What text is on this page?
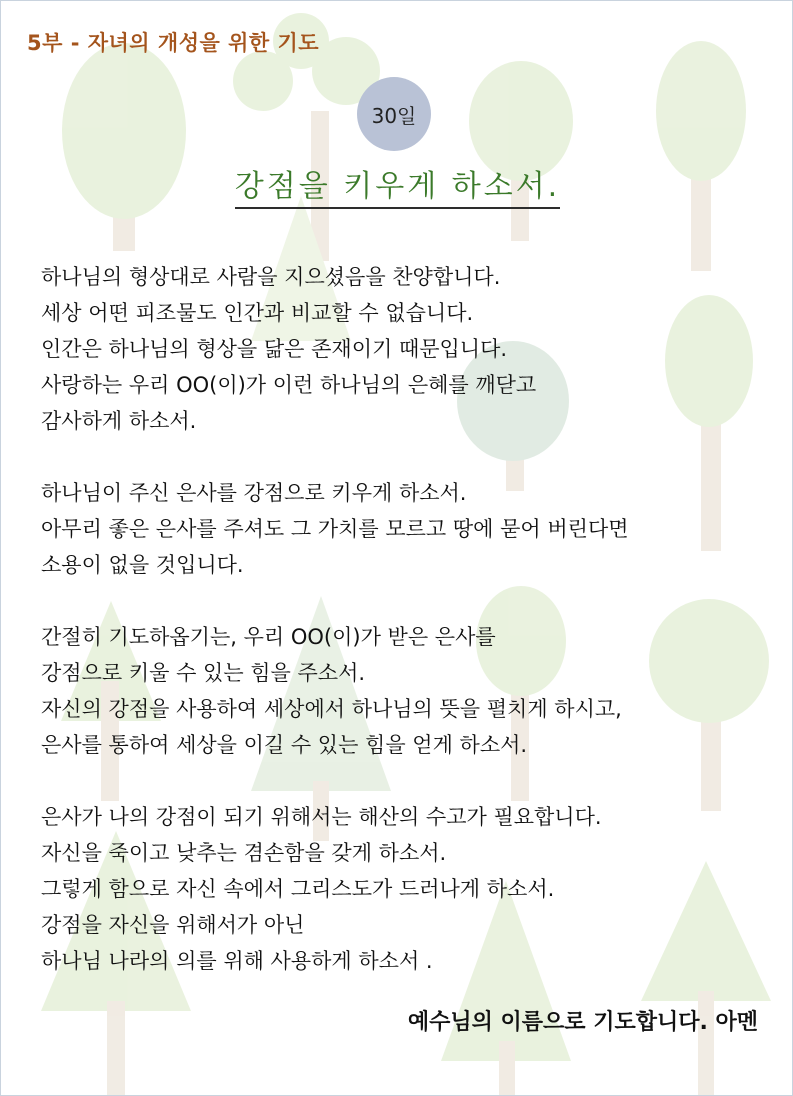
5부 - 자녀의 개성을 위한 기도
30일
강점을 키우게 하소서.
하나님의 형상대로 사람을 지으셨음을 찬양합니다.
세상 어떤 피조물도 인간과 비교할 수 없습니다.
인간은 하나님의 형상을 닮은 존재이기 때문입니다.
사랑하는 우리 OO(이)가 이런 하나님의 은혜를 깨닫고
감사하게 하소서.
하나님이 주신 은사를 강점으로 키우게 하소서.
아무리 좋은 은사를 주셔도 그 가치를 모르고 땅에 묻어 버린다면
소용이 없을 것입니다.
간절히 기도하옵기는, 우리 OO(이)가 받은 은사를
강점으로 키울 수 있는 힘을 주소서.
자신의 강점을 사용하여 세상에서 하나님의 뜻을 펼치게 하시고,
은사를 통하여 세상을 이길 수 있는 힘을 얻게 하소서.
은사가 나의 강점이 되기 위해서는 해산의 수고가 필요합니다.
자신을 죽이고 낮추는 겸손함을 갖게 하소서.
그렇게 함으로 자신 속에서 그리스도가 드러나게 하소서.
강점을 자신을 위해서가 아닌
하나님 나라의 의를 위해 사용하게 하소서 .
예수님의 이름으로 기도합니다. 아멘
